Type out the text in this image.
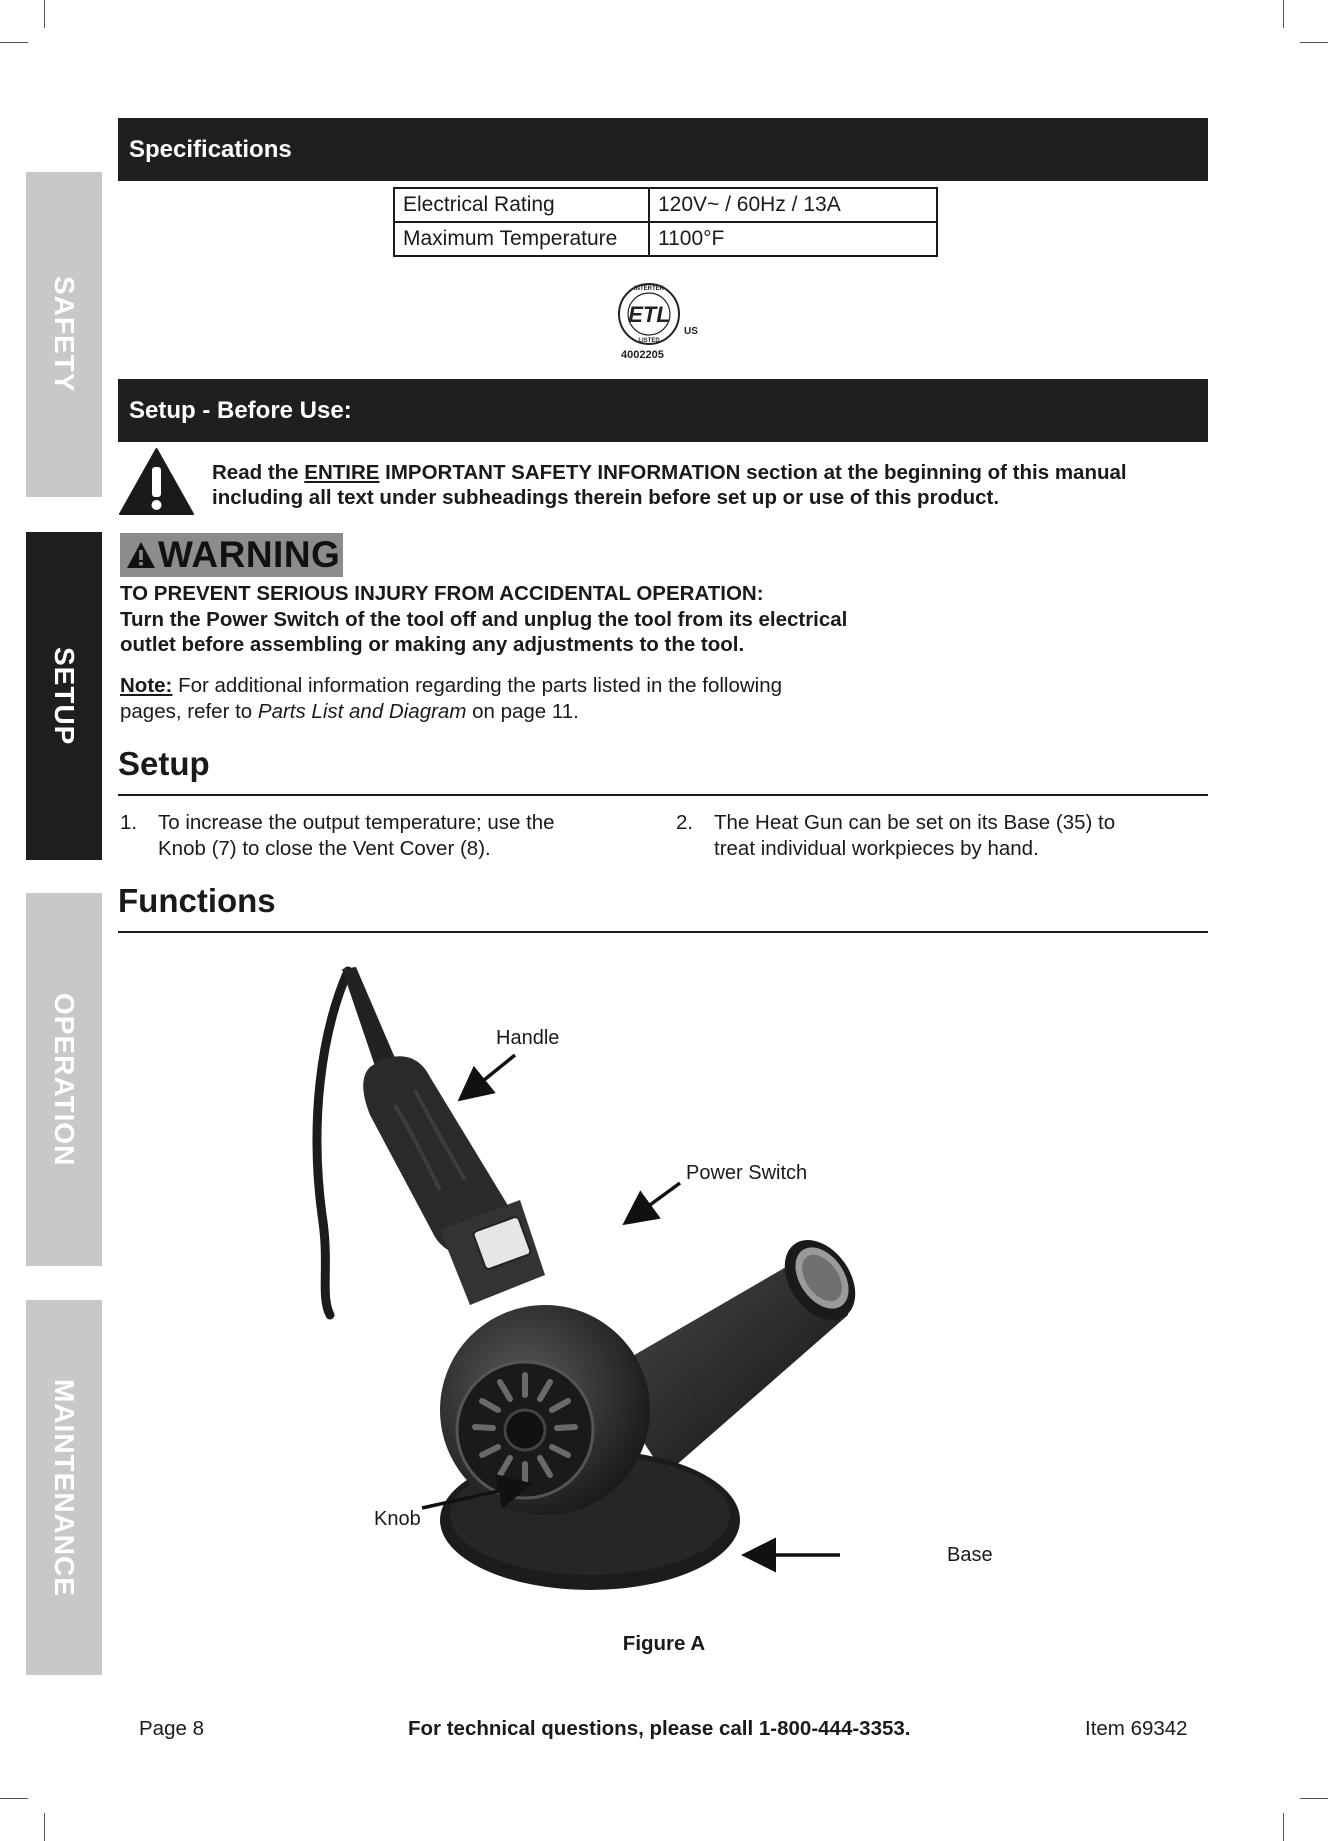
SAFETY
SETUP
OPERATION
MAINTENANCE
Specifications
Electrical Rating	120V~ / 60Hz / 13A
Maximum Temperature	1100°F
INTERTEK
ETL
LISTED
US
4002205
Setup - Before Use:
Read the ENTIRE IMPORTANT SAFETY INFORMATION section at the beginning of this manual including all text under subheadings therein before set up or use of this product.
WARNING
TO PREVENT SERIOUS INJURY FROM ACCIDENTAL OPERATION:
Turn the Power Switch of the tool off and unplug the tool from its electrical outlet before assembling or making any adjustments to the tool.
Note: For additional information regarding the parts listed in the following pages, refer to Parts List and Diagram on page 11.
Setup
1.	To increase the output temperature; use the Knob (7) to close the Vent Cover (8).
2.	The Heat Gun can be set on its Base (35) to treat individual workpieces by hand.
Functions
Handle
Power Switch
Knob
Base
Figure A
Page 8	For technical questions, please call 1-800-444-3353.	Item 69342
